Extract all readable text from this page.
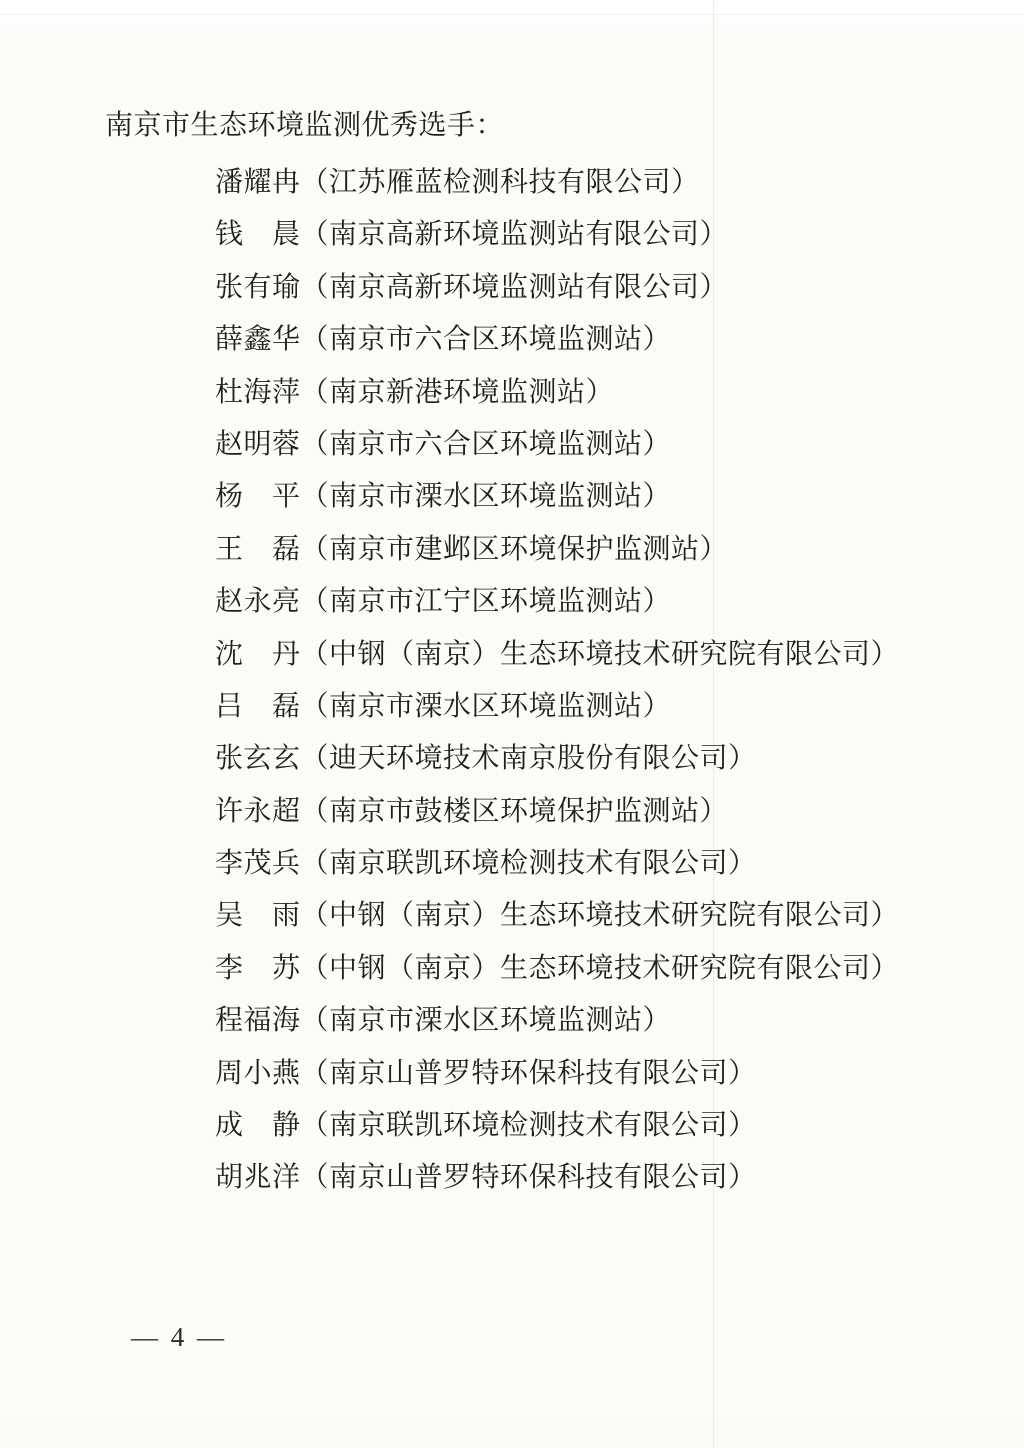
南京市生态环境监测优秀选手：
潘耀冉（江苏雁蓝检测科技有限公司）
钱　晨（南京高新环境监测站有限公司）
张有瑜（南京高新环境监测站有限公司）
薛鑫华（南京市六合区环境监测站）
杜海萍（南京新港环境监测站）
赵明蓉（南京市六合区环境监测站）
杨　平（南京市溧水区环境监测站）
王　磊（南京市建邺区环境保护监测站）
赵永亮（南京市江宁区环境监测站）
沈　丹（中钢（南京）生态环境技术研究院有限公司）
吕　磊（南京市溧水区环境监测站）
张玄玄（迪天环境技术南京股份有限公司）
许永超（南京市鼓楼区环境保护监测站）
李茂兵（南京联凯环境检测技术有限公司）
吴　雨（中钢（南京）生态环境技术研究院有限公司）
李　苏（中钢（南京）生态环境技术研究院有限公司）
程福海（南京市溧水区环境监测站）
周小燕（南京山普罗特环保科技有限公司）
成　静（南京联凯环境检测技术有限公司）
胡兆洋（南京山普罗特环保科技有限公司）
— 4 —
